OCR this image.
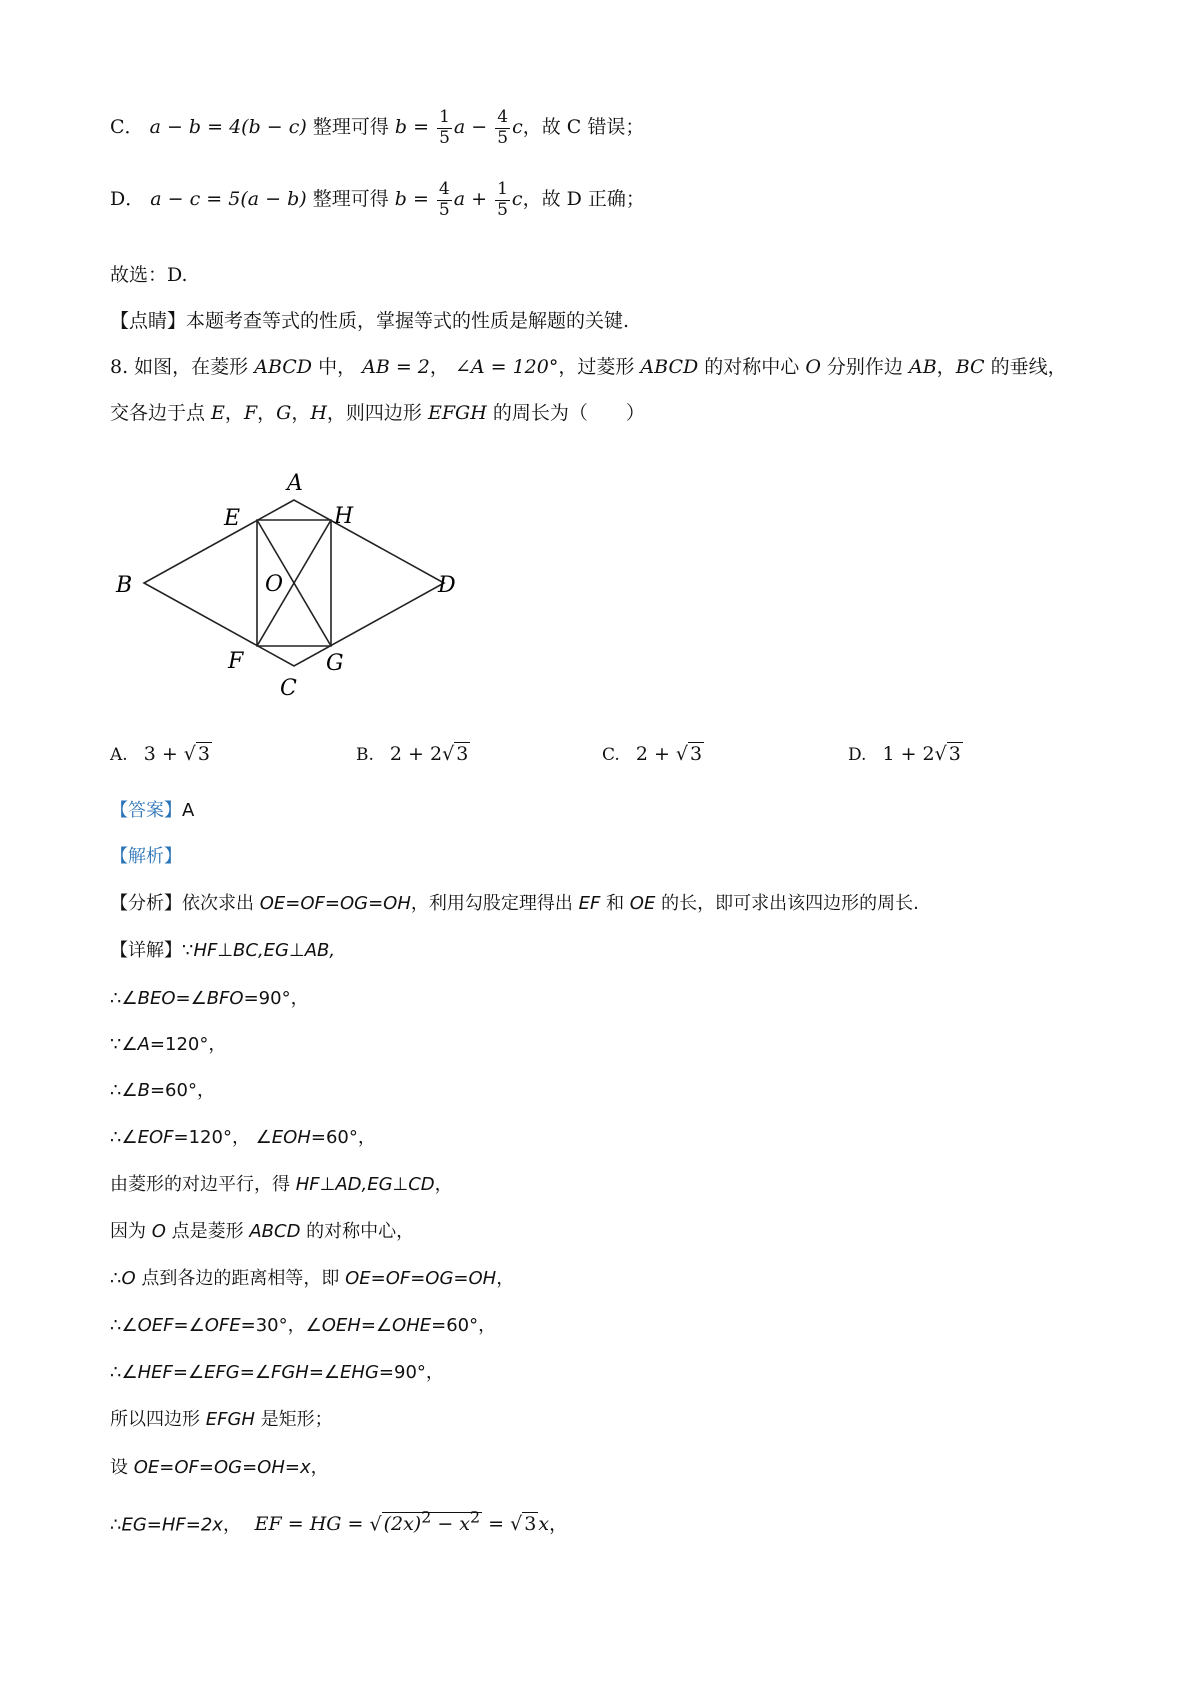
C． a − b = 4(b − c) 整理可得 $b = \frac{1}{5}$ $a - \frac{4}{5}$ c，故 C 错误；
D． a − c = 5(a − b) 整理可得 $b = \frac{4}{5}$ $a + \frac{1}{5}$ c，故 D 正确；
故选：D.
【点睛】本题考查等式的性质，掌握等式的性质是解题的关键.
8. 如图，在菱形 ABCD 中， AB = 2， ∠A = 120°，过菱形 ABCD 的对称中心 O 分别作边 AB，BC 的垂线，
交各边于点 E，F，G，H，则四边形 EFGH 的周长为（　　）
A
B
C
D
E
F	G
H
O
A. 3 + √ 3	B. 2 + 2√ 3	C. 2 + √ 3	D. 1 + 2√ 3
【答案】A
【解析】
【分析】依次求出 OE=OF=OG=OH，利用勾股定理得出 EF 和 OE 的长，即可求出该四边形的周长.
【详解】∵HF⊥BC,EG⊥AB,
∴∠BEO=∠BFO=90°，
∵∠A=120°，
∴∠B=60°，
∴∠EOF=120°， ∠EOH=60°，
由菱形的对边平行，得 HF⊥AD,EG⊥CD，
因为 O 点是菱形 ABCD 的对称中心，
∴O 点到各边的距离相等，即 OE=OF=OG=OH，
∴∠OEF=∠OFE=30°，∠OEH=∠OHE=60°，
∴∠HEF=∠EFG=∠FGH=∠EHG=90°，
所以四边形 EFGH 是矩形；
设 OE=OF=OG=OH=x，
∴EG=HF=2x， EF = HG = √ $(2x)^2 - x^2$ = √ 3 x，
